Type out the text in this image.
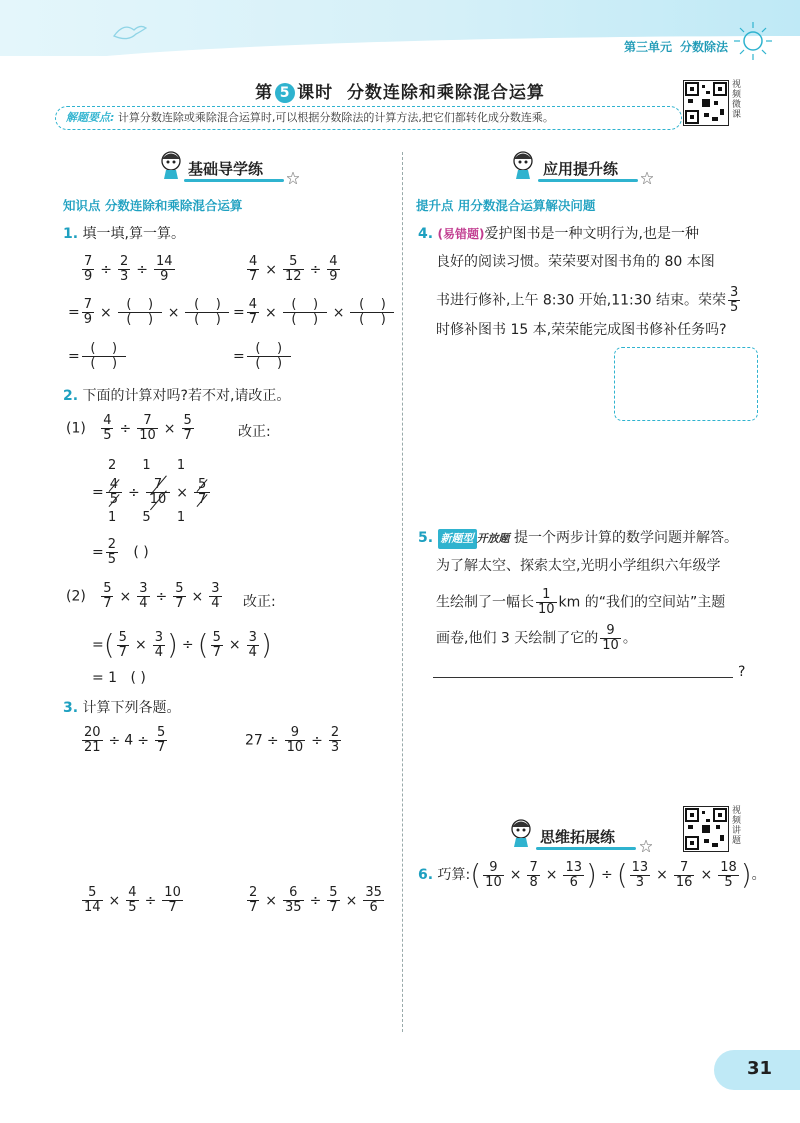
第三单元 分数除法
第 5 课时 分数连除和乘除混合运算	视频微课
解题要点: 计算分数连除或乘除混合运算时,可以根据分数除法的计算方法,把它们都转化成分数连乘。
基础导学练
知识点 分数连除和乘除混合运算
1. 填一填,算一算。
$\frac{7}{9} \div \frac{2}{3} \div \frac{14}{9}$	$\frac{4}{7} \times \frac{5}{12} \div \frac{4}{9}$
= $\frac{7}{9} \times \frac{( )}{( )} \times \frac{( )}{( )} = \frac{4}{7} \times \frac{( )}{( )} \times \frac{( )}{( )}$
= $\frac{( )}{( )}$	= $\frac{( )}{( )}$
2. 下面的计算对吗?若不对,请改正。
$(1) \frac{4}{5} \div \frac{7}{10} \times \frac{5}{7}$	改正:
2 1 1
= $\frac{4}{5} \div \frac{7}{10} \times \frac{5}{7}$
1 5 1
= $\frac{2}{5}$ ( )
$(2) \frac{5}{7} \times \frac{3}{4} \div \frac{5}{7} \times \frac{3}{4}$ 改正:
=( $\frac{5}{7} \times \frac{3}{4}$ ) ÷ ( $\frac{5}{7} \times \frac{3}{4}$ )
= 1 ( )
3. 计算下列各题。
$\frac{20}{21} \div 4 \div \frac{5}{7}$	$27 \div \frac{9}{10} \div \frac{2}{3}$
$\frac{5}{14} \times \frac{4}{5} \div \frac{10}{7}$	$\frac{2}{7} \times \frac{6}{35} \div \frac{5}{7} \times \frac{35}{6}$
应用提升练
提升点 用分数混合运算解决问题
4. (易错题)爱护图书是一种文明行为,也是一种
良好的阅读习惯。荣荣要对图书角的 80 本图
书进行修补,上午 8:30 开始,11:30 结束。荣荣 $\frac{3}{5}$
时修补图书 15 本,荣荣能完成图书修补任务吗?
5. 新题型 开放题 提一个两步计算的数学问题并解答。
为了解太空、探索太空,光明小学组织六年级学
生绘制了一幅长 $\frac{1}{10}$ km 的“我们的空间站”主题
画卷,他们 3 天绘制了它的 $\frac{9}{10}$ 。
?
思维拓展练
视频讲题
6. 巧算:( $\frac{9}{10} \times \frac{7}{8} \times \frac{13}{6}$ ) ÷ ( $\frac{13}{3} \times \frac{7}{16} \times \frac{18}{5}$ )。
31
